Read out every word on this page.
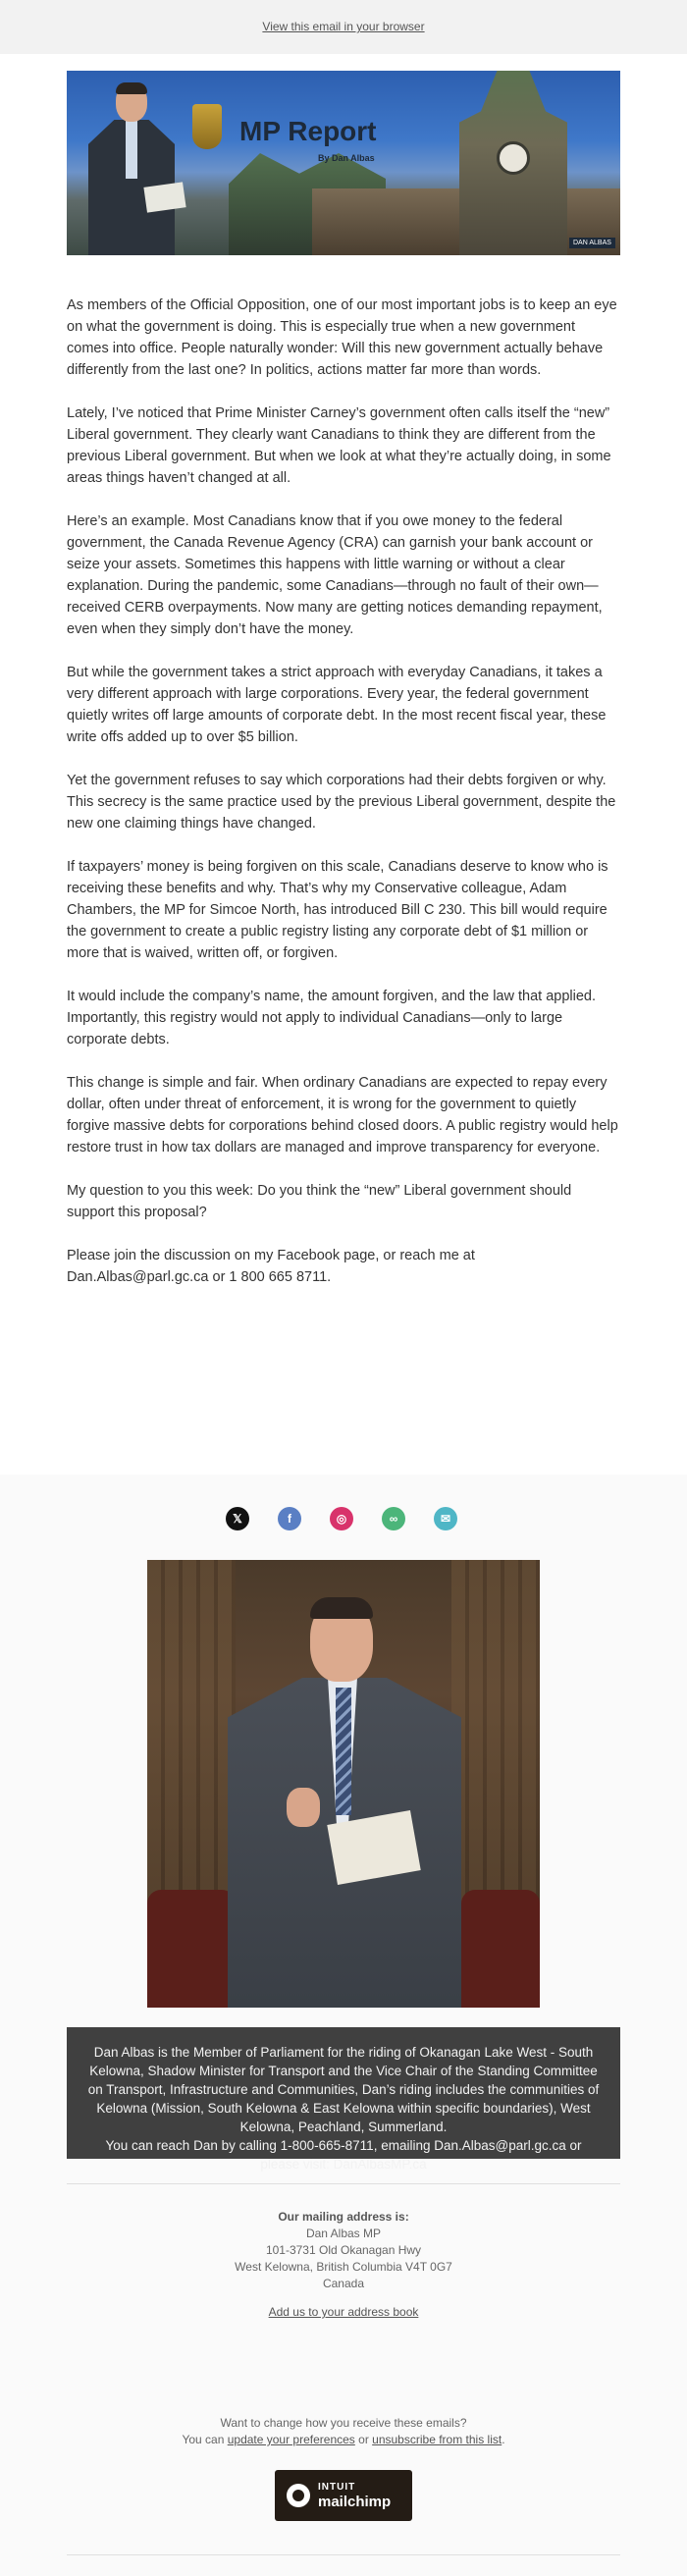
View this email in your browser
MP Report
By Dan Albas
DAN ALBAS

As members of the Official Opposition, one of our most important jobs is to keep an eye on what the government is doing. This is especially true when a new government comes into office. People naturally wonder: Will this new government actually behave differently from the last one? In politics, actions matter far more than words.

Lately, I’ve noticed that Prime Minister Carney’s government often calls itself the “new” Liberal government. They clearly want Canadians to think they are different from the previous Liberal government. But when we look at what they’re actually doing, in some areas things haven’t changed at all.

Here’s an example. Most Canadians know that if you owe money to the federal government, the Canada Revenue Agency (CRA) can garnish your bank account or seize your assets. Sometimes this happens with little warning or without a clear explanation. During the pandemic, some Canadians—through no fault of their own—received CERB overpayments. Now many are getting notices demanding repayment, even when they simply don’t have the money.

But while the government takes a strict approach with everyday Canadians, it takes a very different approach with large corporations. Every year, the federal government quietly writes off large amounts of corporate debt. In the most recent fiscal year, these write offs added up to over $5 billion.

Yet the government refuses to say which corporations had their debts forgiven or why. This secrecy is the same practice used by the previous Liberal government, despite the new one claiming things have changed.

If taxpayers’ money is being forgiven on this scale, Canadians deserve to know who is receiving these benefits and why. That’s why my Conservative colleague, Adam Chambers, the MP for Simcoe North, has introduced Bill C 230. This bill would require the government to create a public registry listing any corporate debt of $1 million or more that is waived, written off, or forgiven.

It would include the company’s name, the amount forgiven, and the law that applied. Importantly, this registry would not apply to individual Canadians—only to large corporate debts.

This change is simple and fair. When ordinary Canadians are expected to repay every dollar, often under threat of enforcement, it is wrong for the government to quietly forgive massive debts for corporations behind closed doors. A public registry would help restore trust in how tax dollars are managed and improve transparency for everyone.

My question to you this week: Do you think the “new” Liberal government should support this proposal?

Please join the discussion on my Facebook page, or reach me at Dan.Albas@parl.gc.ca or 1 800 665 8711.

𝕏	f	◎	∞	✉

Dan Albas is the Member of Parliament for the riding of Okanagan Lake West - South Kelowna, Shadow Minister for Transport and the Vice Chair of the Standing Committee on Transport, Infrastructure and Communities, Dan’s riding includes the communities of Kelowna (Mission, South Kelowna & East Kelowna within specific boundaries), West Kelowna, Peachland, Summerland.

You can reach Dan by calling 1-800-665-8711, emailing Dan.Albas@parl.gc.ca or please visit: DanAlbasMP.ca

Our mailing address is:
Dan Albas MP
101-3731 Old Okanagan Hwy
West Kelowna, British Columbia V4T 0G7
Canada
Add us to your address book
Want to change how you receive these emails?
You can update your preferences or unsubscribe from this list.
INTUIT
mailchimp
